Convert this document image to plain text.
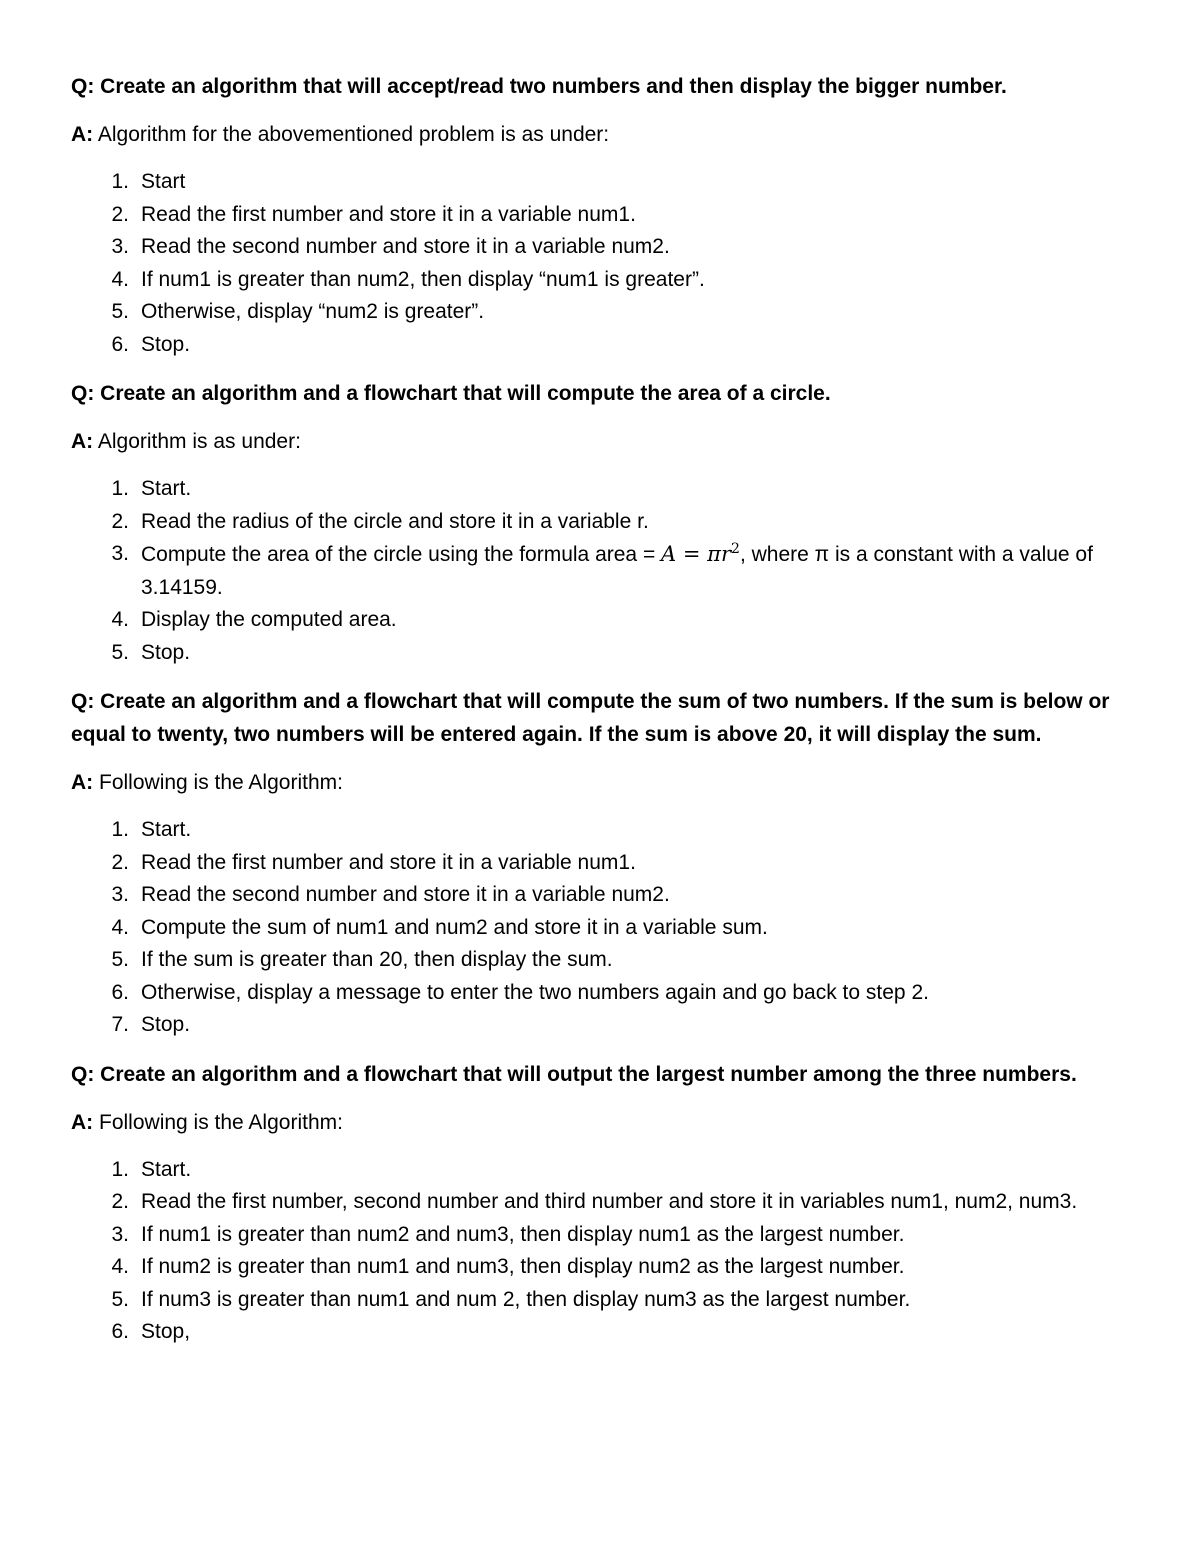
Q: Create an algorithm that will accept/read two numbers and then display the bigger number.

A: Algorithm for the abovementioned problem is as under:

1. Start
2. Read the first number and store it in a variable num1.
3. Read the second number and store it in a variable num2.
4. If num1 is greater than num2, then display “num1 is greater”.
5. Otherwise, display “num2 is greater”.
6. Stop.

Q: Create an algorithm and a flowchart that will compute the area of a circle.

A: Algorithm is as under:

1. Start.
2. Read the radius of the circle and store it in a variable r.
3. Compute the area of the circle using the formula area = $A = \pi r^2$, where π is a constant with a value of 3.14159.
4. Display the computed area.
5. Stop.

Q: Create an algorithm and a flowchart that will compute the sum of two numbers. If the sum is below or equal to twenty, two numbers will be entered again. If the sum is above 20, it will display the sum.

A: Following is the Algorithm:

1. Start.
2. Read the first number and store it in a variable num1.
3. Read the second number and store it in a variable num2.
4. Compute the sum of num1 and num2 and store it in a variable sum.
5. If the sum is greater than 20, then display the sum.
6. Otherwise, display a message to enter the two numbers again and go back to step 2.
7. Stop.

Q: Create an algorithm and a flowchart that will output the largest number among the three numbers.

A: Following is the Algorithm:

1. Start.
2. Read the first number, second number and third number and store it in variables num1, num2, num3.
3. If num1 is greater than num2 and num3, then display num1 as the largest number.
4. If num2 is greater than num1 and num3, then display num2 as the largest number.
5. If num3 is greater than num1 and num 2, then display num3 as the largest number.
6. Stop,
